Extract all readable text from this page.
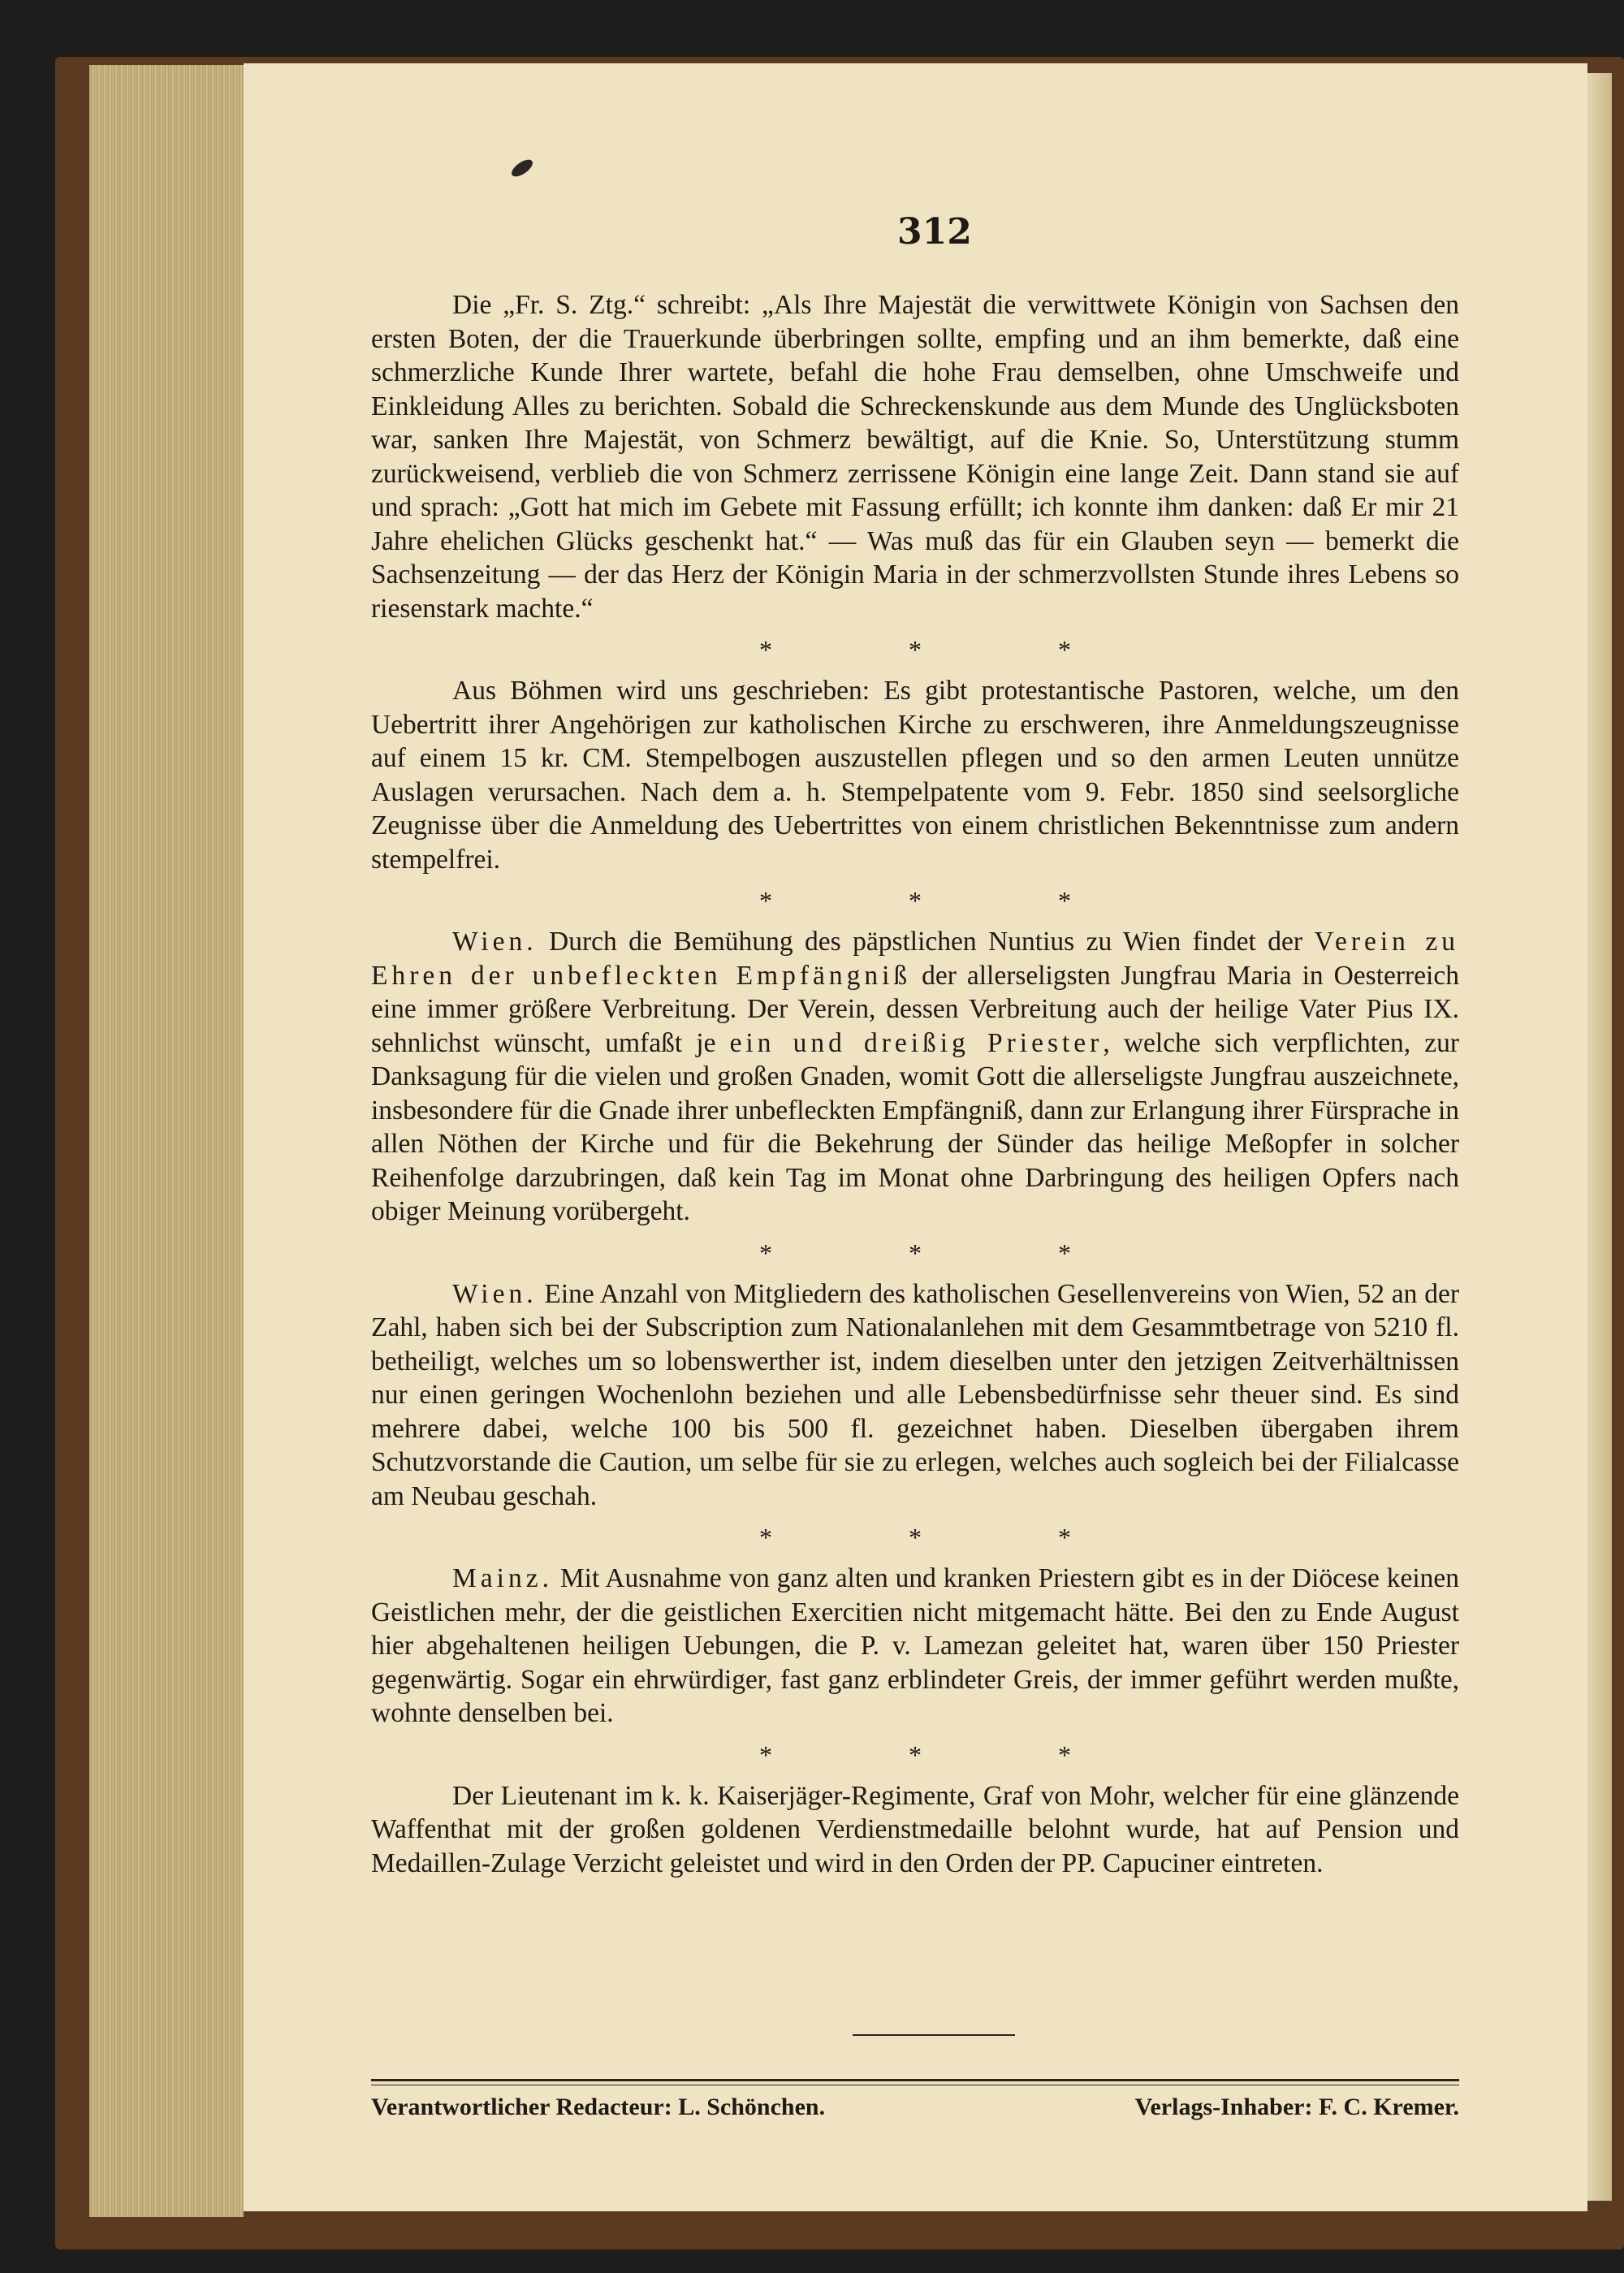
312

Die „Fr. S. Ztg.“ schreibt: „Als Ihre Majestät die verwittwete Königin von Sachsen den ersten Boten, der die Trauerkunde überbringen sollte, empfing und an ihm bemerkte, daß eine schmerzliche Kunde Ihrer wartete, befahl die hohe Frau demselben, ohne Umschweife und Einkleidung Alles zu berichten. Sobald die Schreckenskunde aus dem Munde des Unglücksboten war, sanken Ihre Majestät, von Schmerz bewältigt, auf die Knie. So, Unterstützung stumm zurückweisend, verblieb die von Schmerz zerrissene Königin eine lange Zeit. Dann stand sie auf und sprach: „Gott hat mich im Gebete mit Fassung erfüllt; ich konnte ihm danken: daß Er mir 21 Jahre ehelichen Glücks geschenkt hat.“ — Was muß das für ein Glauben seyn — bemerkt die Sachsenzeitung — der das Herz der Königin Maria in der schmerzvollsten Stunde ihres Lebens so riesenstark machte.“

* * *

Aus Böhmen wird uns geschrieben: Es gibt protestantische Pastoren, welche, um den Uebertritt ihrer Angehörigen zur katholischen Kirche zu erschweren, ihre Anmeldungszeugnisse auf einem 15 kr. CM. Stempelbogen auszustellen pflegen und so den armen Leuten unnütze Auslagen verursachen. Nach dem a. h. Stempelpatente vom 9. Febr. 1850 sind seelsorgliche Zeugnisse über die Anmeldung des Uebertrittes von einem christlichen Bekenntnisse zum andern stempelfrei.

* * *

Wien. Durch die Bemühung des päpstlichen Nuntius zu Wien findet der Verein zu Ehren der unbefleckten Empfängniß der allerseligsten Jungfrau Maria in Oesterreich eine immer größere Verbreitung. Der Verein, dessen Verbreitung auch der heilige Vater Pius IX. sehnlichst wünscht, umfaßt je ein und dreißig Priester, welche sich verpflichten, zur Danksagung für die vielen und großen Gnaden, womit Gott die allerseligste Jungfrau auszeichnete, insbesondere für die Gnade ihrer unbefleckten Empfängniß, dann zur Erlangung ihrer Fürsprache in allen Nöthen der Kirche und für die Bekehrung der Sünder das heilige Meßopfer in solcher Reihenfolge darzubringen, daß kein Tag im Monat ohne Darbringung des heiligen Opfers nach obiger Meinung vorübergeht.

* * *

Wien. Eine Anzahl von Mitgliedern des katholischen Gesellenvereins von Wien, 52 an der Zahl, haben sich bei der Subscription zum Nationalanlehen mit dem Gesammtbetrage von 5210 fl. betheiligt, welches um so lobenswerther ist, indem dieselben unter den jetzigen Zeitverhältnissen nur einen geringen Wochenlohn beziehen und alle Lebensbedürfnisse sehr theuer sind. Es sind mehrere dabei, welche 100 bis 500 fl. gezeichnet haben. Dieselben übergaben ihrem Schutzvorstande die Caution, um selbe für sie zu erlegen, welches auch sogleich bei der Filialcasse am Neubau geschah.

* * *

Mainz. Mit Ausnahme von ganz alten und kranken Priestern gibt es in der Diöcese keinen Geistlichen mehr, der die geistlichen Exercitien nicht mitgemacht hätte. Bei den zu Ende August hier abgehaltenen heiligen Uebungen, die P. v. Lamezan geleitet hat, waren über 150 Priester gegenwärtig. Sogar ein ehrwürdiger, fast ganz erblindeter Greis, der immer geführt werden mußte, wohnte denselben bei.

* * *

Der Lieutenant im k. k. Kaiserjäger-Regimente, Graf von Mohr, welcher für eine glänzende Waffenthat mit der großen goldenen Verdienstmedaille belohnt wurde, hat auf Pension und Medaillen-Zulage Verzicht geleistet und wird in den Orden der PP. Capuciner eintreten.

Verantwortlicher Redacteur: L. Schönchen.	Verlags-Inhaber: F. C. Kremer.
